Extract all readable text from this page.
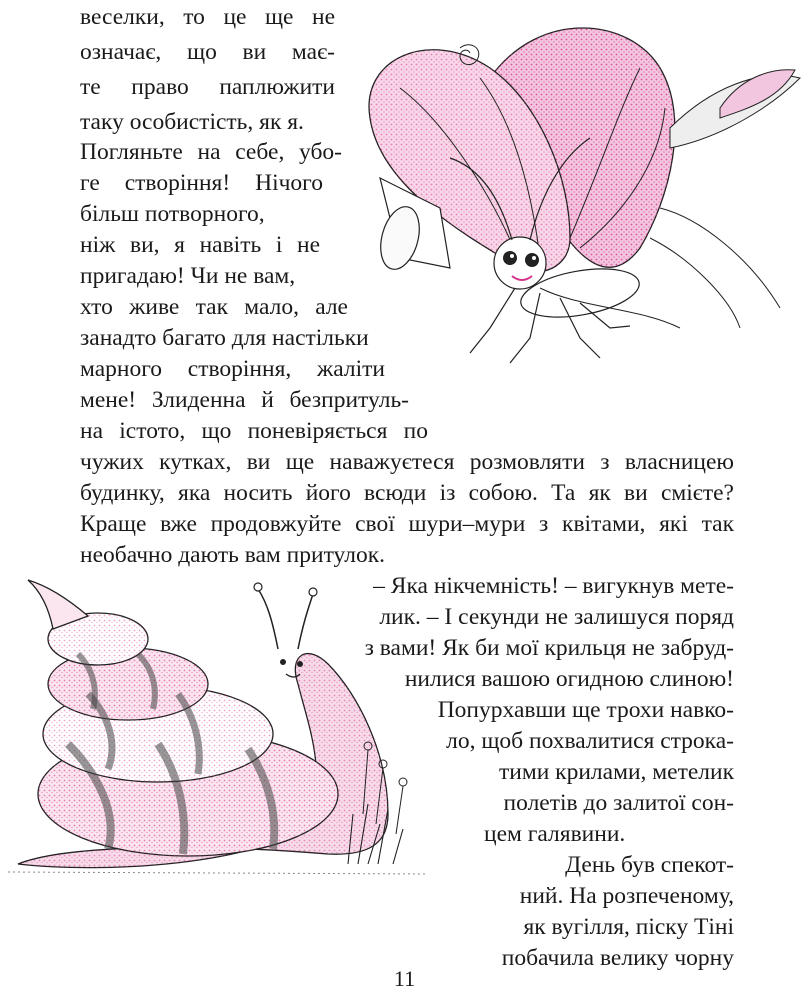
веселки, то це ще не
означає, що ви має-
те право паплюжити
таку особистість, як я.
Погляньте на себе, убо-
ге створіння! Нічого
більш потворного,
ніж ви, я навіть і не
пригадаю! Чи не вам,
хто живе так мало, але
занадто багато для настільки
марного створіння, жаліти
мене! Злиденна й безпритуль-
на істото, що поневіряється по
чужих кутках, ви ще наважуєтеся розмовляти з власницею
будинку, яка носить його всюди із собою. Та як ви смієте?
Краще вже продовжуйте свої шури–мури з квітами, які так
необачно дають вам притулок.
– Яка нікчемність! – вигукнув мете-
лик. – І секунди не залишуся поряд
з вами! Як би мої крильця не забруд-
нилися вашою огидною слиною!
Попурхавши ще трохи навко-
ло, щоб похвалитися строка-
тими крилами, метелик
полетів до залитої сон-
цем галявини.
День був спекот-
ний. На розпеченому,
як вугілля, піску Тіні
побачила велику чорну
11
